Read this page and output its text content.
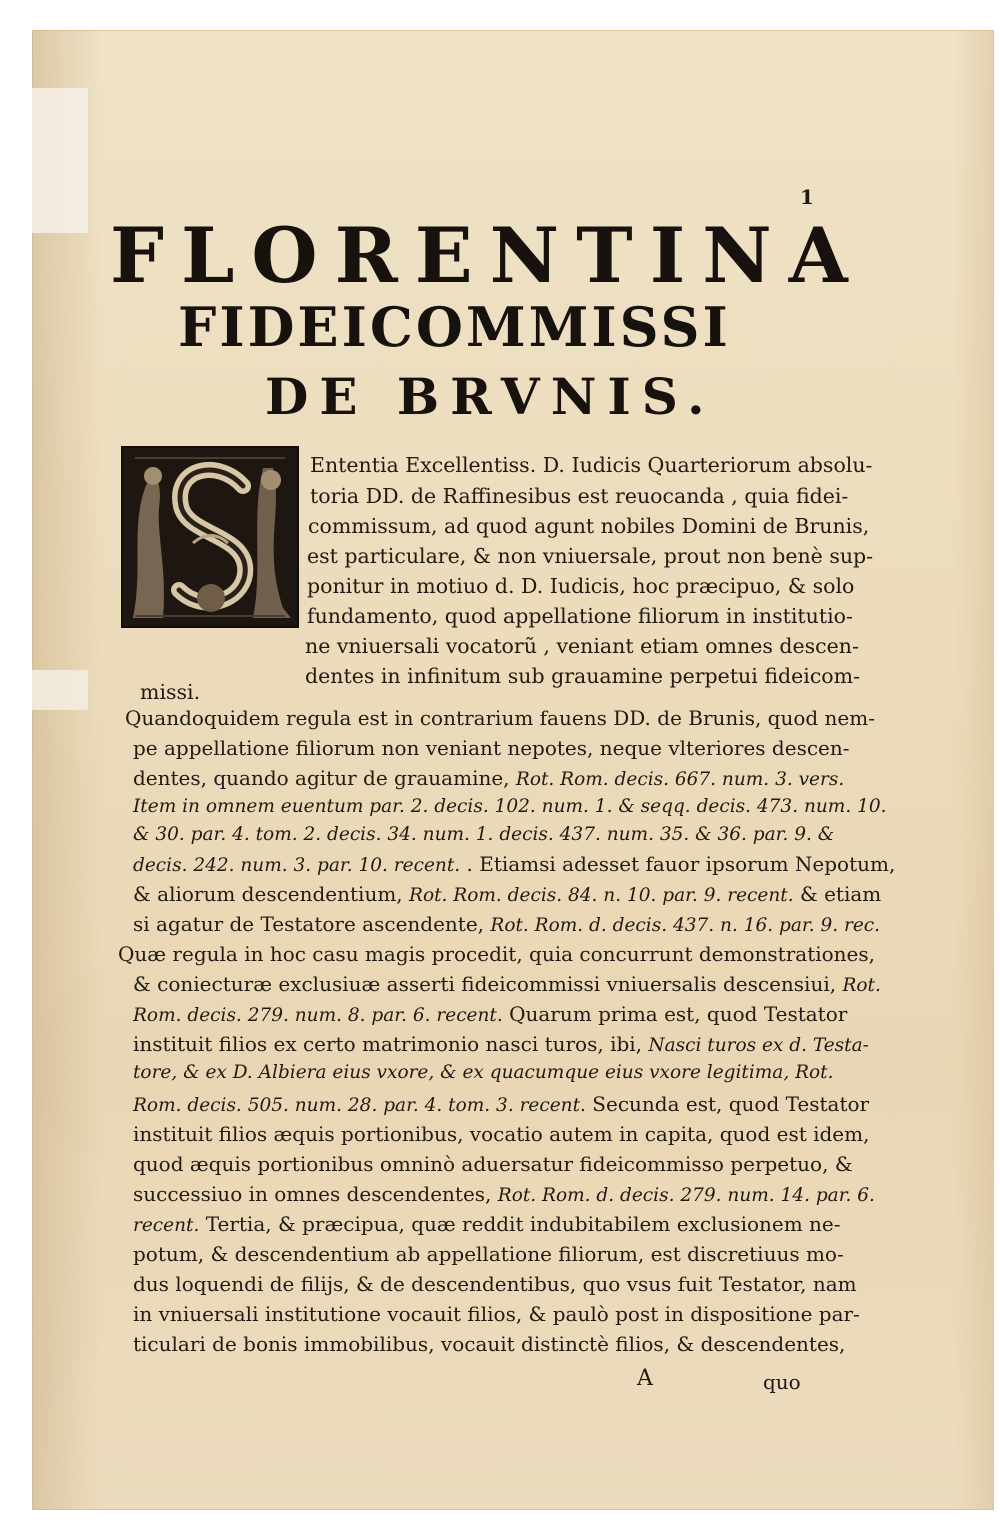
1
FLORENTINA
FIDEICOMMISSI
DE BRVNIS.
Ententia Excellentiss. D. Iudicis Quarteriorum absolu-
toria DD. de Raffinesibus est reuocanda , quia fidei-
commissum, ad quod agunt nobiles Domini de Brunis,
est particulare, & non vniuersale, prout non benè sup-
ponitur in motiuo d. D. Iudicis, hoc præcipuo, & solo
fundamento, quod appellatione filiorum in institutio-
ne vniuersali vocatorũ , veniant etiam omnes descen-
dentes in infinitum sub grauamine perpetui fideicom-
missi.
Quandoquidem regula est in contrarium fauens DD. de Brunis, quod nem-
pe appellatione filiorum non veniant nepotes, neque vlteriores descen-
dentes, quando agitur de grauamine, Rot. Rom. decis. 667. num. 3. vers.
Item in omnem euentum par. 2. decis. 102. num. 1. & seqq. decis. 473. num. 10.
& 30. par. 4. tom. 2. decis. 34. num. 1. decis. 437. num. 35. & 36. par. 9. &
decis. 242. num. 3. par. 10. recent. . Etiamsi adesset fauor ipsorum Nepotum,
& aliorum descendentium, Rot. Rom. decis. 84. n. 10. par. 9. recent. & etiam
si agatur de Testatore ascendente, Rot. Rom. d. decis. 437. n. 16. par. 9. rec.
Quæ regula in hoc casu magis procedit, quia concurrunt demonstrationes,
& coniecturæ exclusiuæ asserti fideicommissi vniuersalis descensiui, Rot.
Rom. decis. 279. num. 8. par. 6. recent. Quarum prima est, quod Testator
instituit filios ex certo matrimonio nasci turos, ibi, Nasci turos ex d. Testa-
tore, & ex D. Albiera eius vxore, & ex quacumque eius vxore legitima, Rot.
Rom. decis. 505. num. 28. par. 4. tom. 3. recent. Secunda est, quod Testator
instituit filios æquis portionibus, vocatio autem in capita, quod est idem,
quod æquis portionibus omninò aduersatur fideicommisso perpetuo, &
successiuo in omnes descendentes, Rot. Rom. d. decis. 279. num. 14. par. 6.
recent. Tertia, & præcipua, quæ reddit indubitabilem exclusionem ne-
potum, & descendentium ab appellatione filiorum, est discretiuus mo-
dus loquendi de filijs, & de descendentibus, quo vsus fuit Testator, nam
in vniuersali institutione vocauit filios, & paulò post in dispositione par-
ticulari de bonis immobilibus, vocauit distinctè filios, & descendentes,
A	quo
